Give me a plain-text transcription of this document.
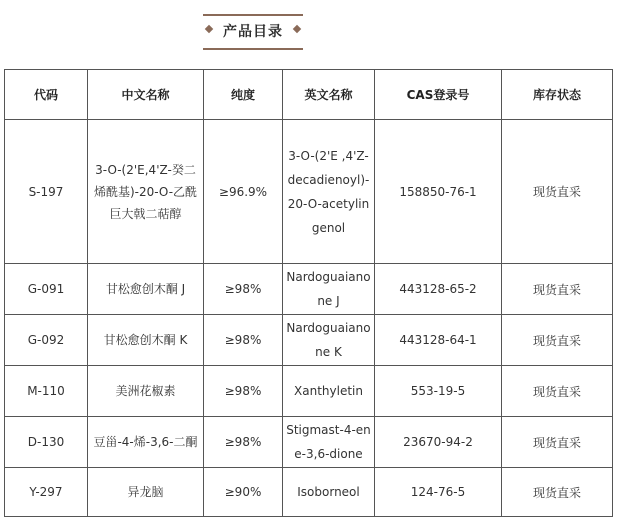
产品目录
代码	中文名称	纯度	英文名称	CAS登录号	库存状态
S-197	3-O-(2'E,4'Z-癸二烯酰基)-20-O-乙酰巨大戟二萜醇	≥96.9%	3-O-(2'E ,4'Z-decadienoyl)-20-O-acetylingenol	158850-76-1	现货直采
G-091	甘松愈创木酮 J	≥98%	Nardoguaianone J	443128-65-2	现货直采
G-092	甘松愈创木酮 K	≥98%	Nardoguaianone K	443128-64-1	现货直采
M-110	美洲花椒素	≥98%	Xanthyletin	553-19-5	现货直采
D-130	豆甾-4-烯-3,6-二酮	≥98%	Stigmast-4-ene-3,6-dione	23670-94-2	现货直采
Y-297	异龙脑	≥90%	Isoborneol	124-76-5	现货直采
